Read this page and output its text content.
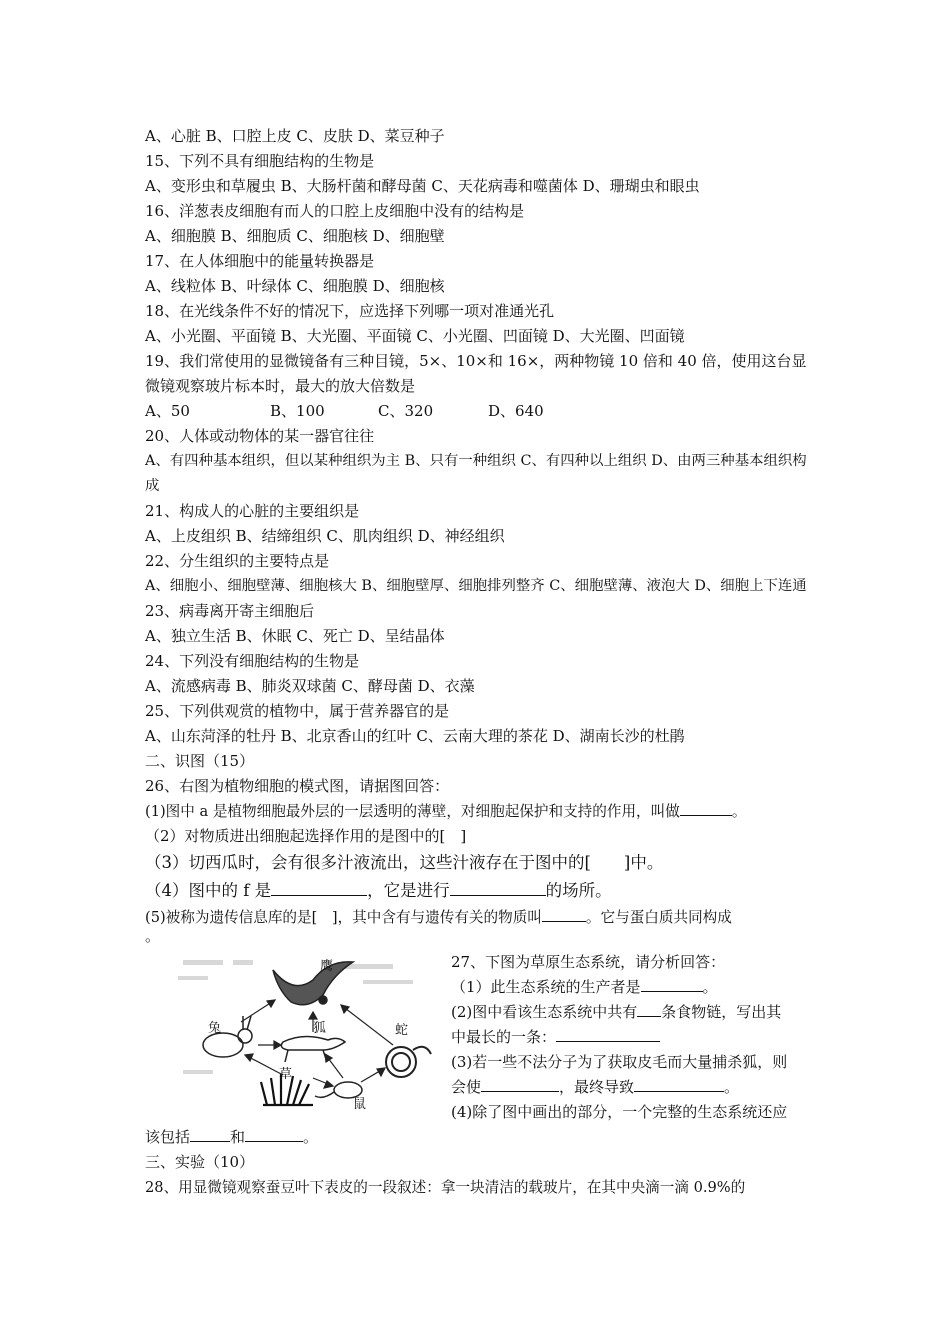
A、心脏 B、口腔上皮 C、皮肤 D、菜豆种子
15、下列不具有细胞结构的生物是
A、变形虫和草履虫 B、大肠杆菌和酵母菌 C、天花病毒和噬菌体 D、珊瑚虫和眼虫
16、洋葱表皮细胞有而人的口腔上皮细胞中没有的结构是
A、细胞膜 B、细胞质 C、细胞核 D、细胞壁
17、在人体细胞中的能量转换器是
A、线粒体 B、叶绿体 C、细胞膜 D、细胞核
18、在光线条件不好的情况下，应选择下列哪一项对准通光孔
A、小光圈、平面镜 B、大光圈、平面镜 C、小光圈、凹面镜 D、大光圈、凹面镜
19、我们常使用的显微镜备有三种目镜，5×、10×和 16×，两种物镜 10 倍和 40 倍，使用这台显微镜观察玻片标本时，最大的放大倍数是
A、50	B、100	C、320	D、640
20、人体或动物体的某一器官往往
A、有四种基本组织，但以某种组织为主 B、只有一种组织 C、有四种以上组织 D、由两三种基本组织构成
21、构成人的心脏的主要组织是
A、上皮组织 B、结缔组织 C、肌肉组织 D、神经组织
22、分生组织的主要特点是
A、细胞小、细胞壁薄、细胞核大 B、细胞壁厚、细胞排列整齐 C、细胞壁薄、液泡大 D、细胞上下连通
23、病毒离开寄主细胞后
A、独立生活 B、休眠 C、死亡 D、呈结晶体
24、下列没有细胞结构的生物是
A、流感病毒 B、肺炎双球菌 C、酵母菌 D、衣藻
25、下列供观赏的植物中，属于营养器官的是
A、山东菏泽的牡丹 B、北京香山的红叶 C、云南大理的茶花 D、湖南长沙的杜鹃
二、识图（15）
26、右图为植物细胞的模式图，请据图回答：
(1)图中 a 是植物细胞最外层的一层透明的薄壁，对细胞起保护和支持的作用，叫做	。
（2）对物质进出细胞起选择作用的是图中的[　]
（3）切西瓜时，会有很多汁液流出，这些汁液存在于图中的[　　]中。
（4）图中的 f 是	，它是进行	的场所。
(5)被称为遗传信息库的是[　]，其中含有与遗传有关的物质叫	。它与蛋白质共同构成
。
鹰
兔	狐	蛇
草
鼠
27、下图为草原生态系统，请分析回答：
（1）此生态系统的生产者是	。
(2)图中看该生态系统中共有 条食物链，写出其
中最长的一条：
(3)若一些不法分子为了获取皮毛而大量捕杀狐，则
会使	，最终导致	。
(4)除了图中画出的部分，一个完整的生态系统还应
该包括	和	。
三、实验（10）
28、用显微镜观察蚕豆叶下表皮的一段叙述：拿一块清洁的载玻片，在其中央滴一滴 0.9%的
